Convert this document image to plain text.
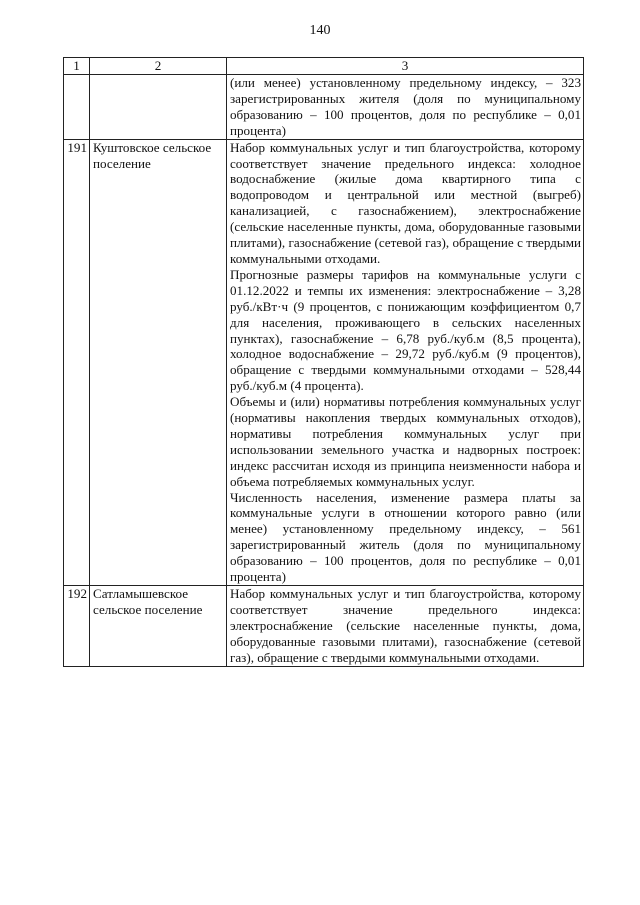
140
1	2	3

		(или менее) установленному предельному индексу, – 323 зарегистрированных жителя (доля по муниципальному образованию – 100 процентов, доля по республике – 0,01 процента)

191	Куштовское сельское поселение	Набор коммунальных услуг и тип благоустройства, которому соответствует значение предельного индекса: холодное водоснабжение (жилые дома квартирного типа с водопроводом и центральной или местной (выгреб) канализацией, с газоснабжением), электроснабжение (сельские населенные пункты, дома, оборудованные газовыми плитами), газоснабжение (сетевой газ), обращение с твердыми коммунальными отходами.

Прогнозные размеры тарифов на коммунальные услуги с 01.12.2022 и темпы их изменения: электроснабжение – 3,28 руб./кВт·ч (9 процентов, с понижающим коэффициентом 0,7 для населения, проживающего в сельских населенных пунктах), газоснабжение – 6,78 руб./куб.м (8,5 процента), холодное водоснабжение – 29,72 руб./куб.м (9 процентов), обращение с твердыми коммунальными отходами – 528,44 руб./куб.м (4 процента).

Объемы и (или) нормативы потребления коммунальных услуг (нормативы накопления твердых коммунальных отходов), нормативы потребления коммунальных услуг при использовании земельного участка и надворных построек: индекс рассчитан исходя из принципа неизменности набора и объема потребляемых коммунальных услуг.

Численность населения, изменение размера платы за коммунальные услуги в отношении которого равно (или менее) установленному предельному индексу, – 561 зарегистрированный житель (доля по муниципальному образованию – 100 процентов, доля по республике – 0,01 процента)

192	Сатламышевское сельское поселение	Набор коммунальных услуг и тип благоустройства, которому соответствует значение предельного индекса: электроснабжение (сельские населенные пункты, дома, оборудованные газовыми плитами), газоснабжение (сетевой газ), обращение с твердыми коммунальными отходами.
